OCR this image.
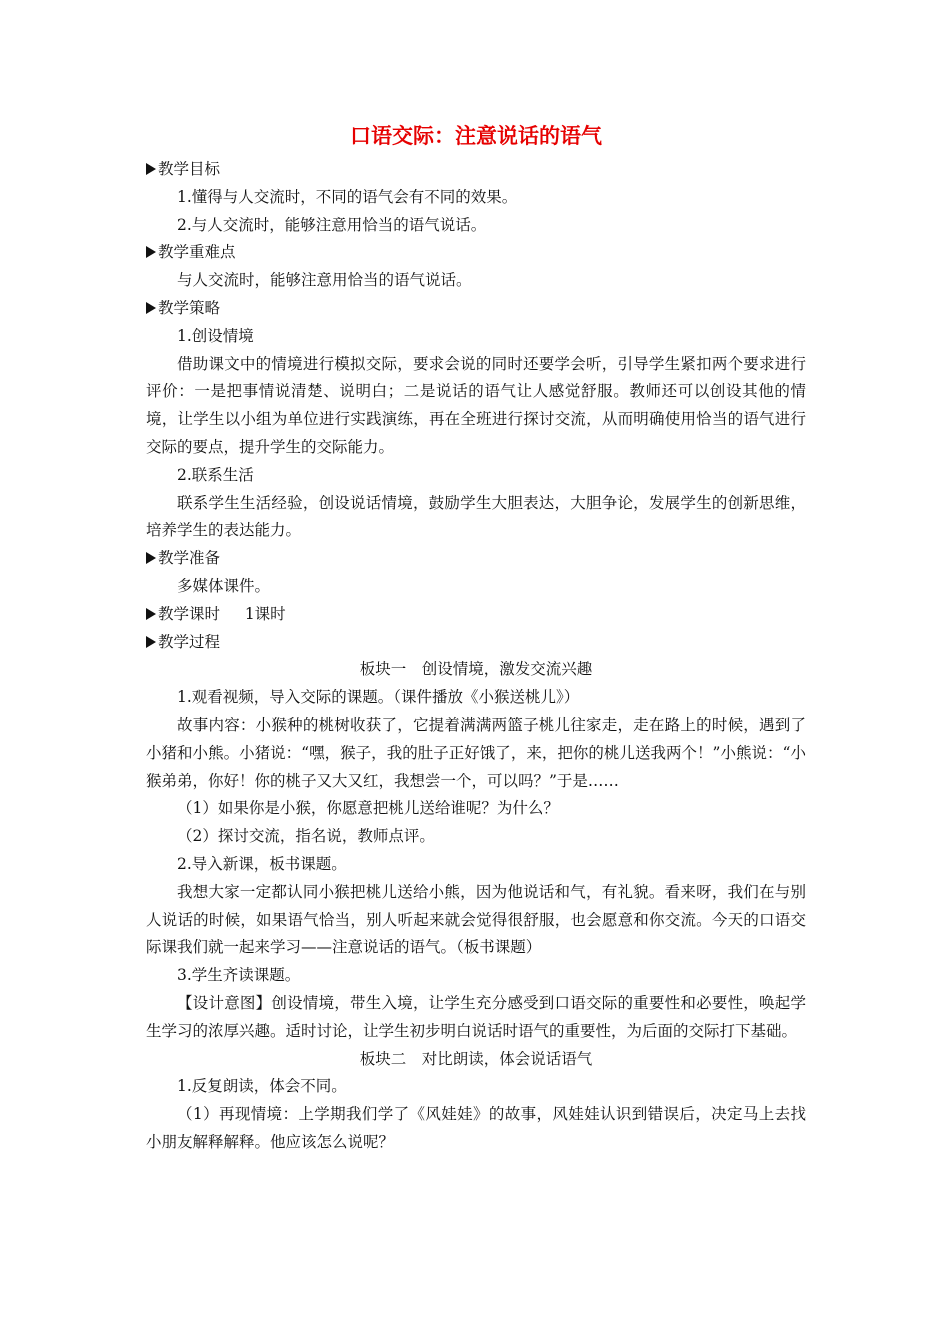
口语交际：注意说话的语气

教学目标

1.懂得与人交流时，不同的语气会有不同的效果。

2.与人交流时，能够注意用恰当的语气说话。

教学重难点

与人交流时，能够注意用恰当的语气说话。

教学策略

1.创设情境

借助课文中的情境进行模拟交际，要求会说的同时还要学会听，引导学生紧扣两个要求进行评价：一是把事情说清楚、说明白；二是说话的语气让人感觉舒服。教师还可以创设其他的情境，让学生以小组为单位进行实践演练，再在全班进行探讨交流，从而明确使用恰当的语气进行交际的要点，提升学生的交际能力。

2.联系生活

联系学生生活经验，创设说话情境，鼓励学生大胆表达，大胆争论，发展学生的创新思维，培养学生的表达能力。

教学准备

多媒体课件。

教学课时 1课时

教学过程

板块一　创设情境，激发交流兴趣

1.观看视频，导入交际的课题。（课件播放《小猴送桃儿》）

故事内容：小猴种的桃树收获了，它提着满满两篮子桃儿往家走，走在路上的时候，遇到了小猪和小熊。小猪说：“嘿，猴子，我的肚子正好饿了，来，把你的桃儿送我两个！”小熊说：“小猴弟弟，你好！你的桃子又大又红，我想尝一个，可以吗？”于是……

（1）如果你是小猴，你愿意把桃儿送给谁呢？为什么？

（2）探讨交流，指名说，教师点评。

2.导入新课，板书课题。

我想大家一定都认同小猴把桃儿送给小熊，因为他说话和气，有礼貌。看来呀，我们在与别人说话的时候，如果语气恰当，别人听起来就会觉得很舒服，也会愿意和你交流。今天的口语交际课我们就一起来学习——注意说话的语气。（板书课题）

3.学生齐读课题。

【设计意图】创设情境，带生入境，让学生充分感受到口语交际的重要性和必要性，唤起学生学习的浓厚兴趣。适时讨论，让学生初步明白说话时语气的重要性，为后面的交际打下基础。

板块二　对比朗读，体会说话语气

1.反复朗读，体会不同。

（1）再现情境：上学期我们学了《风娃娃》的故事，风娃娃认识到错误后，决定马上去找小朋友解释解释。他应该怎么说呢？
